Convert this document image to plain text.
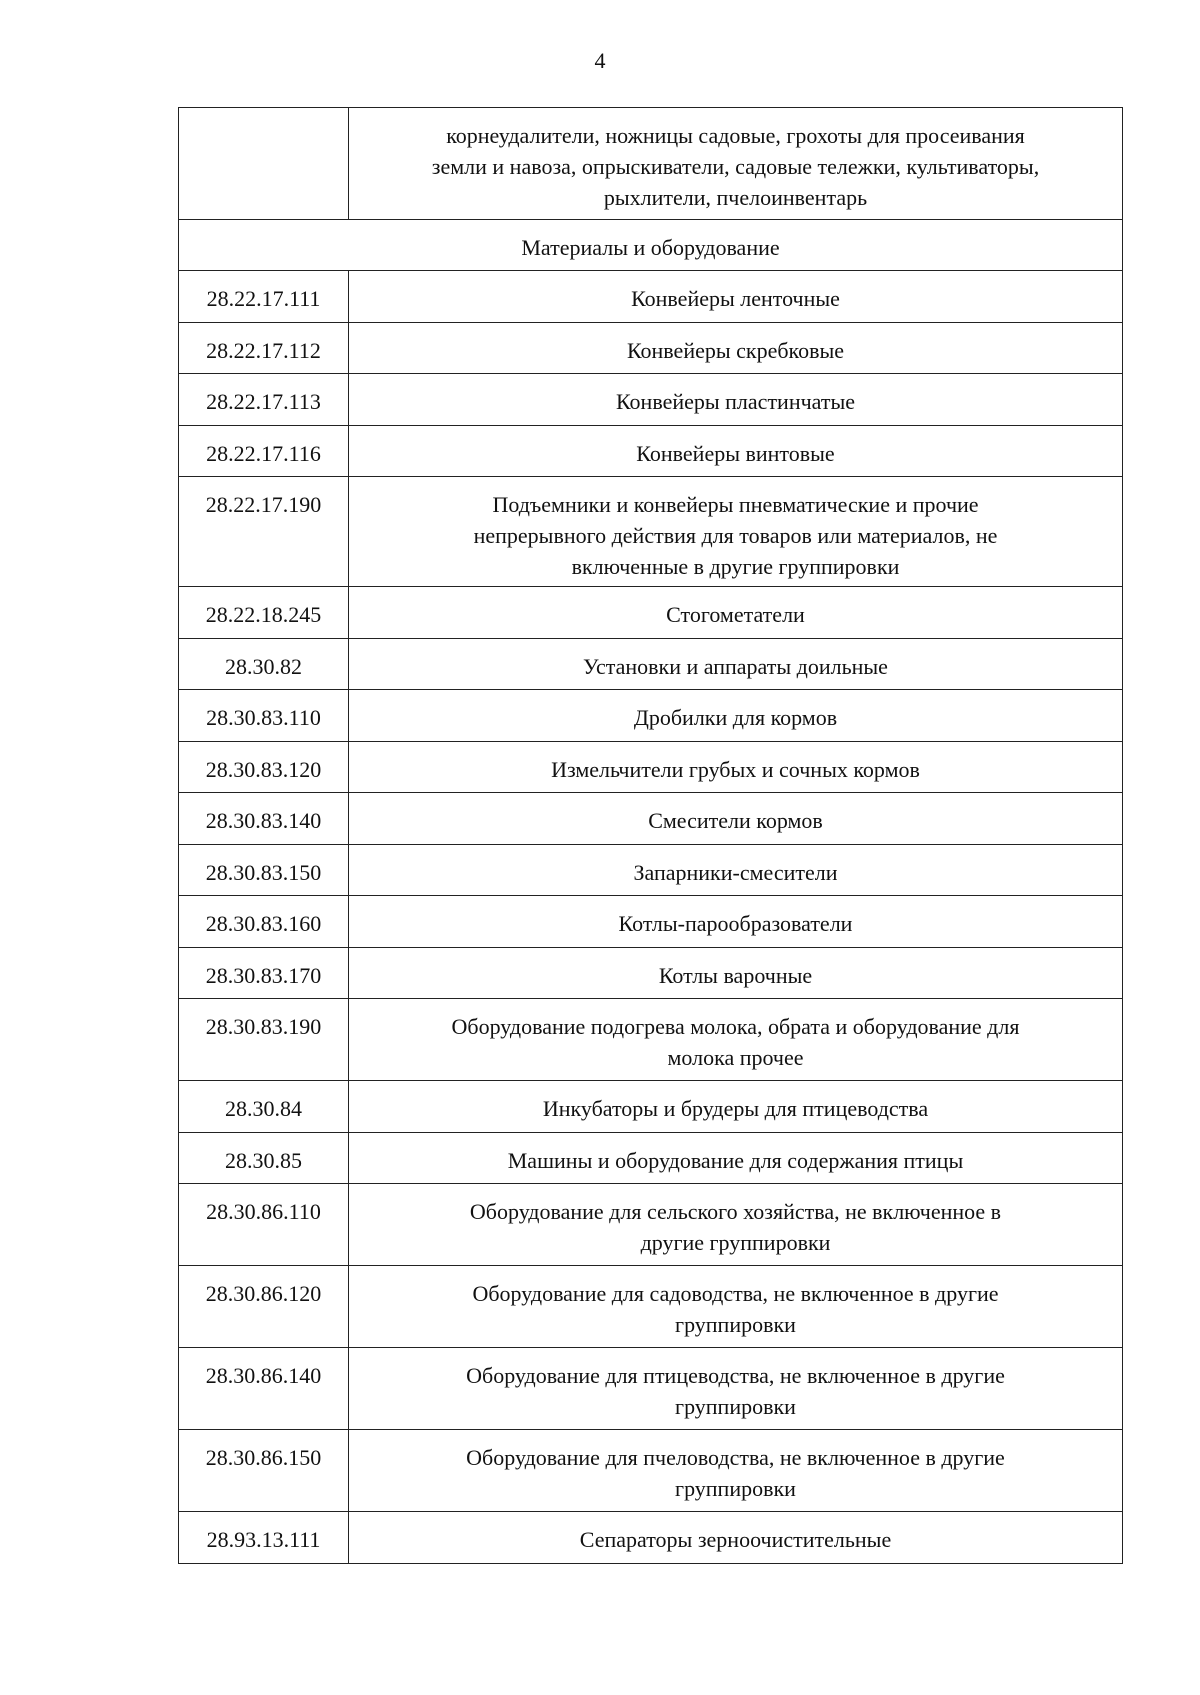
4

	корнеудалители, ножницы садовые, грохоты для просеивания
земли и навоза, опрыскиватели, садовые тележки, культиваторы,
рыхлители, пчелоинвентарь

Материалы и оборудование	
28.22.17.111	Конвейеры ленточные

28.22.17.112	Конвейеры скребковые

28.22.17.113	Конвейеры пластинчатые

28.22.17.116	Конвейеры винтовые

28.22.17.190	Подъемники и конвейеры пневматические и прочие
непрерывного действия для товаров или материалов, не
включенные в другие группировки

28.22.18.245	Стогометатели

28.30.82	Установки и аппараты доильные

28.30.83.110	Дробилки для кормов

28.30.83.120	Измельчители грубых и сочных кормов

28.30.83.140	Смесители кормов

28.30.83.150	Запарники-смесители

28.30.83.160	Котлы-парообразователи

28.30.83.170	Котлы варочные

28.30.83.190	Оборудование подогрева молока, обрата и оборудование для
молока прочее

28.30.84	Инкубаторы и брудеры для птицеводства

28.30.85	Машины и оборудование для содержания птицы

28.30.86.110	Оборудование для сельского хозяйства, не включенное в
другие группировки

28.30.86.120	Оборудование для садоводства, не включенное в другие
группировки

28.30.86.140	Оборудование для птицеводства, не включенное в другие
группировки

28.30.86.150	Оборудование для пчеловодства, не включенное в другие
группировки

28.93.13.111	Сепараторы зерноочистительные
